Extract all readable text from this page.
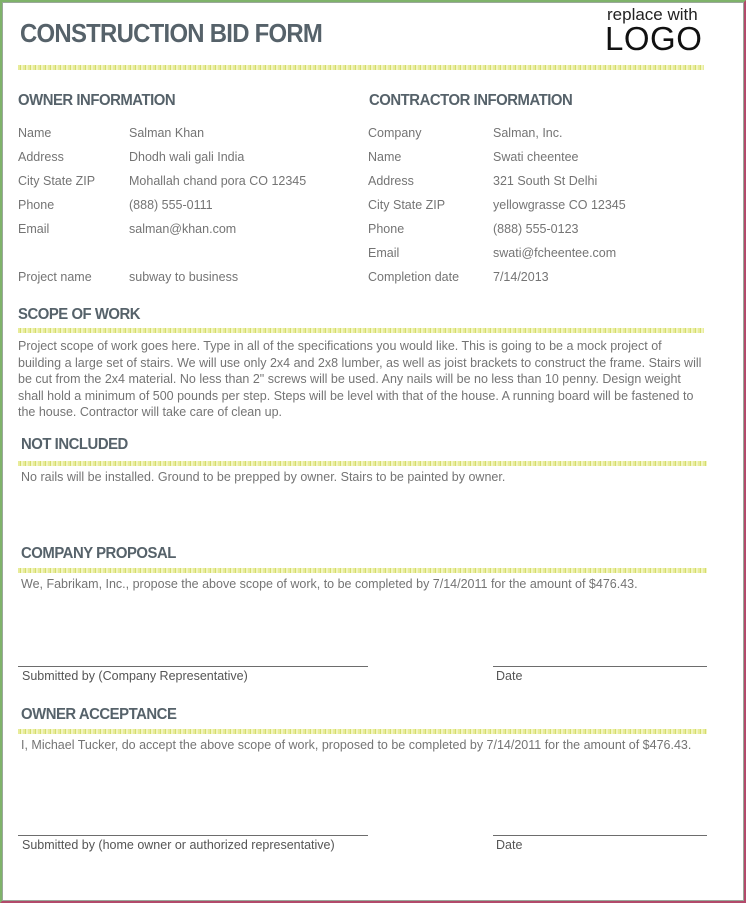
CONSTRUCTION BID FORM
replace with
LOGO
OWNER INFORMATION
Name	Salman Khan
Address	Dhodh wali gali India
City State ZIP	Mohallah chand pora CO 12345
Phone	(888) 555-0111
Email	salman@khan.com
Project name	subway to business
CONTRACTOR INFORMATION
Company	Salman, Inc.
Name	Swati cheentee
Address	321 South St Delhi
City State ZIP	yellowgrasse CO 12345
Phone	(888) 555-0123
Email	swati@fcheentee.com
Completion date	7/14/2013
SCOPE OF WORK
Project scope of work goes here. Type in all of the specifications you would like. This is going to be a mock project of building a large set of stairs. We will use only 2x4 and 2x8 lumber, as well as joist brackets to construct the frame. Stairs will be cut from the 2x4 material. No less than 2" screws will be used. Any nails will be no less than 10 penny. Design weight shall hold a minimum of 500 pounds per step. Steps will be level with that of the house. A running board will be fastened to the house. Contractor will take care of clean up.
NOT INCLUDED
No rails will be installed. Ground to be prepped by owner. Stairs to be painted by owner.
COMPANY PROPOSAL
We, Fabrikam, Inc., propose the above scope of work, to be completed by 7/14/2011 for the amount of $476.43.
Submitted by (Company Representative)	Date
OWNER ACCEPTANCE
I, Michael Tucker, do accept the above scope of work, proposed to be completed by 7/14/2011 for the amount of $476.43.
Submitted by (home owner or authorized representative)	Date
